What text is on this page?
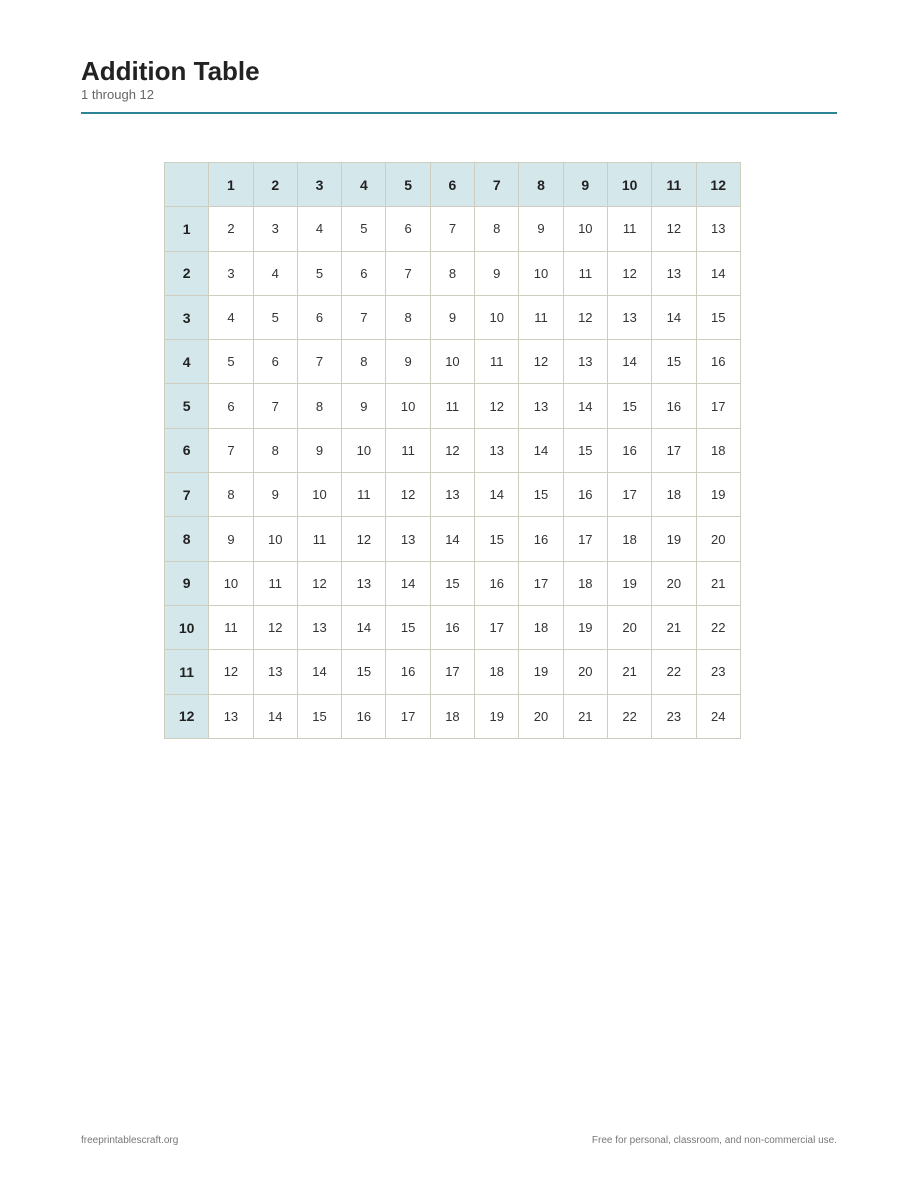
Addition Table
1 through 12
	1	2	3	4	5	6	7	8	9	10	11	12
1	2	3	4	5	6	7	8	9	10	11	12	13
2	3	4	5	6	7	8	9	10	11	12	13	14
3	4	5	6	7	8	9	10	11	12	13	14	15
4	5	6	7	8	9	10	11	12	13	14	15	16
5	6	7	8	9	10	11	12	13	14	15	16	17
6	7	8	9	10	11	12	13	14	15	16	17	18
7	8	9	10	11	12	13	14	15	16	17	18	19
8	9	10	11	12	13	14	15	16	17	18	19	20
9	10	11	12	13	14	15	16	17	18	19	20	21
10	11	12	13	14	15	16	17	18	19	20	21	22
11	12	13	14	15	16	17	18	19	20	21	22	23
12	13	14	15	16	17	18	19	20	21	22	23	24
freeprintablescraft.org	Free for personal, classroom, and non-commercial use.
